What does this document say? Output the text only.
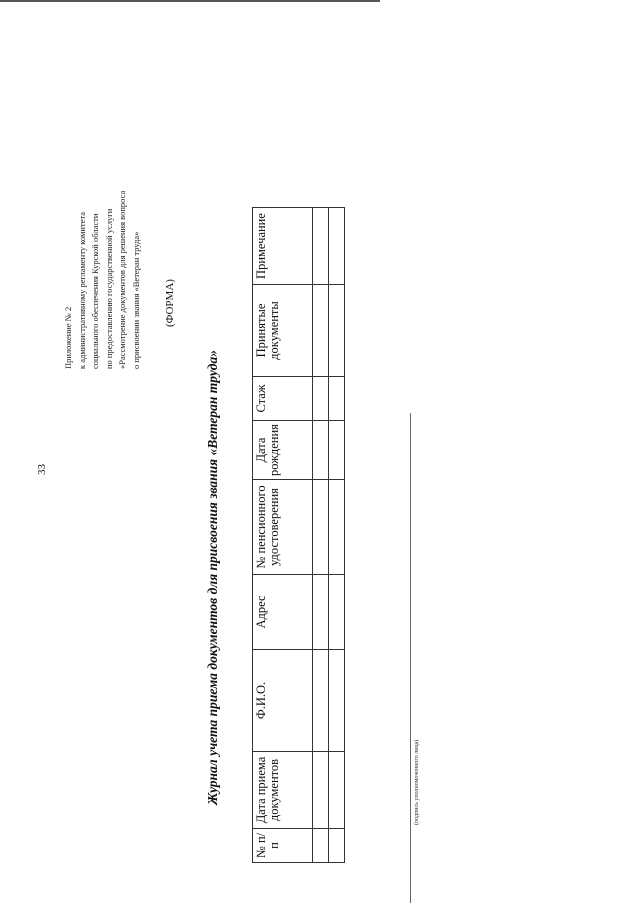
33
Приложение № 2 к административному регламенту комитета социального обеспечения Курской области по предоставлению государственной услуги «Рассмотрение документов для решения вопроса о присвоении звания «Ветеран труда» (ФОРМА)
Журнал учета приема документов для присвоения звания «Ветеран труда»
№ п/п	Дата приема документов	Ф.И.О.	Адрес	№ пенсионного удостоверения	Дата рождения	Стаж	Принятые документы	Примечание

(подпись уполномоченного лица)
